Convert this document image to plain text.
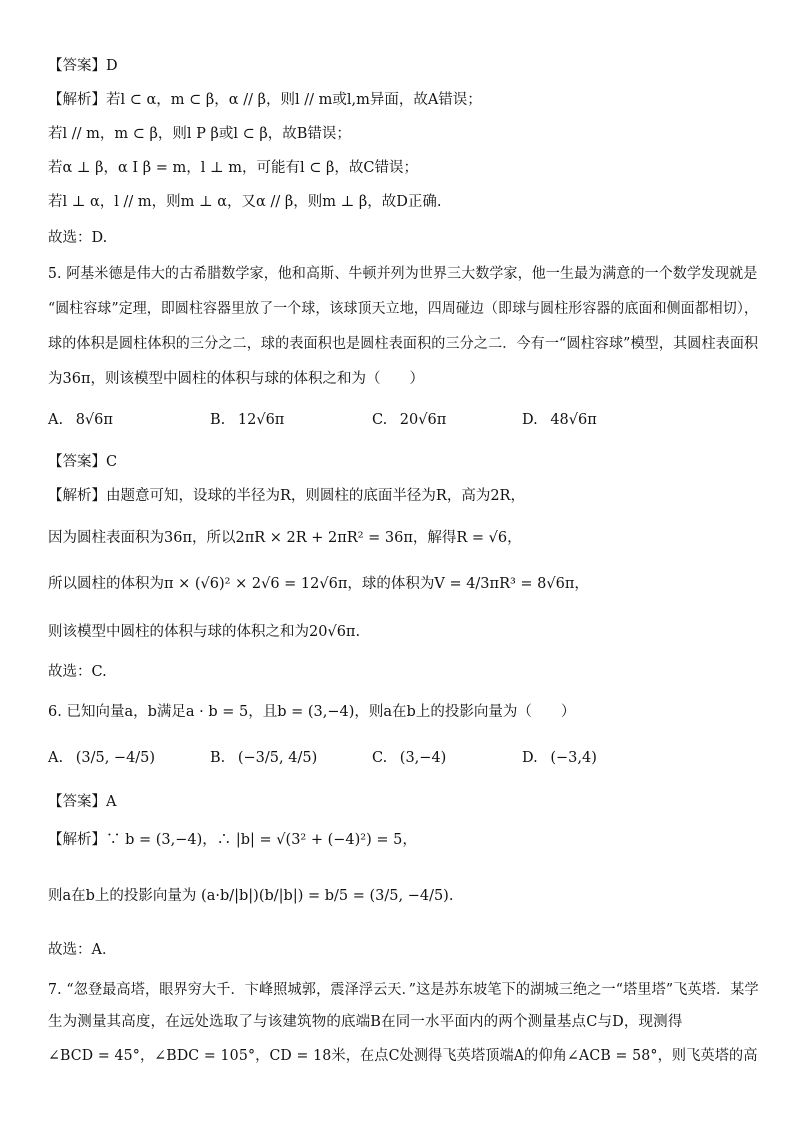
【答案】D
【解析】若l ⊂ α，m ⊂ β，α // β，则l // m或l,m异面，故A错误；
若l // m，m ⊂ β，则l P β或l ⊂ β，故B错误；
若α ⊥ β，α I β = m，l ⊥ m，可能有l ⊂ β，故C错误；
若l ⊥ α，l // m，则m ⊥ α，又α // β，则m ⊥ β，故D正确.
故选：D.
5. 阿基米德是伟大的古希腊数学家，他和高斯、牛顿并列为世界三大数学家，他一生最为满意的一个数学发现就是
“圆柱容球”定理，即圆柱容器里放了一个球，该球顶天立地，四周碰边（即球与圆柱形容器的底面和侧面都相切），
球的体积是圆柱体积的三分之二，球的表面积也是圆柱表面积的三分之二．今有一“圆柱容球”模型，其圆柱表面积
为36π，则该模型中圆柱的体积与球的体积之和为（　　）
A. 8√6π	B. 12√6π	C. 20√6π	D. 48√6π
【答案】C
【解析】由题意可知，设球的半径为R，则圆柱的底面半径为R，高为2R，
因为圆柱表面积为36π，所以2πR × 2R + 2πR² = 36π，解得R = √6，
所以圆柱的体积为π × (√6)² × 2√6 = 12√6π，球的体积为V = 4/3πR³ = 8√6π，
则该模型中圆柱的体积与球的体积之和为20√6π.
故选：C.
6. 已知向量a，b满足a · b = 5，且b = (3,−4)，则a在b上的投影向量为（　　）
A. (3/5, −4/5)	B. (−3/5, 4/5)	C. (3,−4)	D. (−3,4)
【答案】A
【解析】∵ b = (3,−4)，∴ |b| = √(3² + (−4)²) = 5，
则a在b上的投影向量为 (a·b/|b|)(b/|b|) = b/5 = (3/5, −4/5).
故选：A．
7. “忽登最高塔，眼界穷大千．卞峰照城郭，震泽浮云天．”这是苏东坡笔下的湖城三绝之一“塔里塔”飞英塔．某学
生为测量其高度，在远处选取了与该建筑物的底端B在同一水平面内的两个测量基点C与D，现测得
∠BCD = 45°，∠BDC = 105°，CD = 18米，在点C处测得飞英塔顶端A的仰角∠ACB = 58°，则飞英塔的高
